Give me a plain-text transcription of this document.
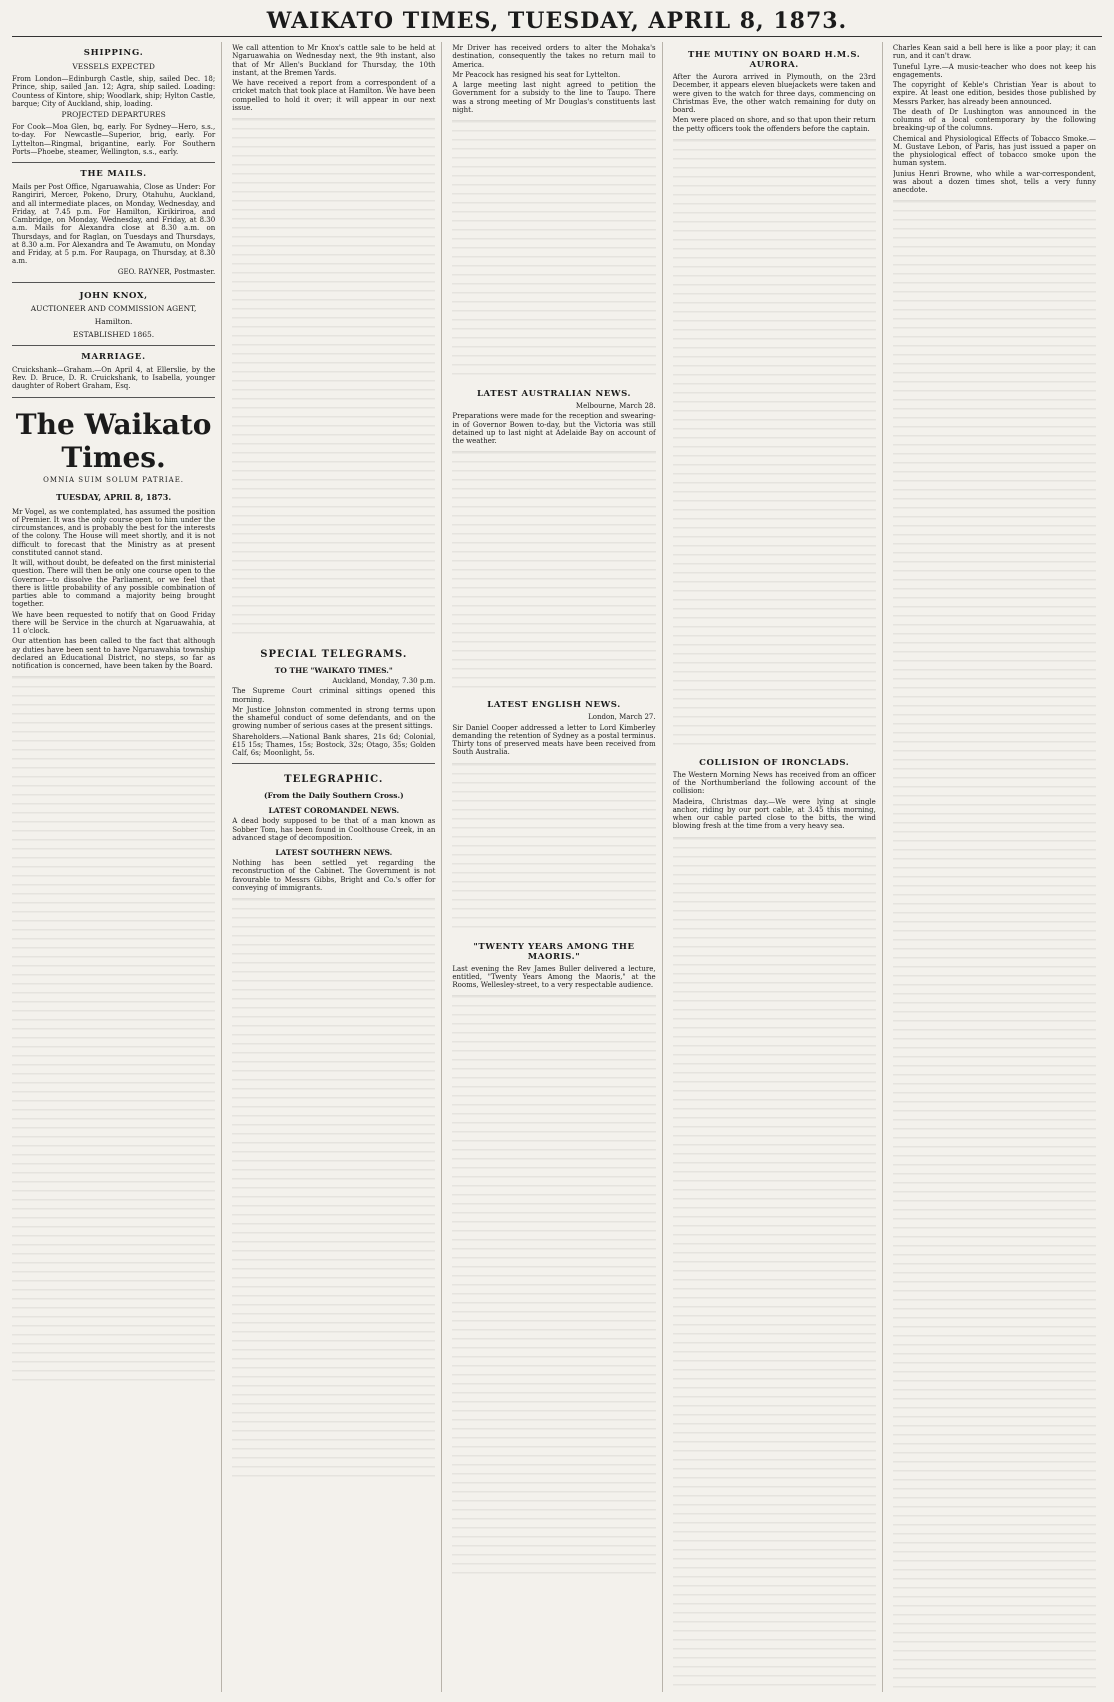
WAIKATO TIMES, TUESDAY, APRIL 8, 1873.
SHIPPING.
VESSELS EXPECTED
From London—Edinburgh Castle, ship, sailed Dec. 18; Prince, ship, sailed Jan. 12; Agra, ship sailed. Loading: Countess of Kintore, ship; Woodlark, ship; Hylton Castle, barque; City of Auckland, ship, loading.
PROJECTED DEPARTURES
For Cook—Moa Glen, bq, early. For Sydney—Hero, s.s., to-day. For Newcastle—Superior, brig, early. For Lyttelton—Ringmal, brigantine, early. For Southern Ports—Phoebe, steamer, Wellington, s.s., early.
THE MAILS.
Mails per Post Office, Ngaruawahia, Close as Under: For Rangiriri, Mercer, Pokeno, Drury, Otahuhu, Auckland, and all intermediate places, on Monday, Wednesday, and Friday, at 7.45 p.m. For Hamilton, Kirikiriroa, and Cambridge, on Monday, Wednesday, and Friday, at 8.30 a.m. Mails for Alexandra close at 8.30 a.m. on Thursdays, and for Raglan, on Tuesdays and Thursdays, at 8.30 a.m. For Alexandra and Te Awamutu, on Monday and Friday, at 5 p.m. For Raupaga, on Thursday, at 8.30 a.m.
GEO. RAYNER, Postmaster.
JOHN KNOX,
AUCTIONEER AND COMMISSION AGENT,
Hamilton.
ESTABLISHED 1865.
MARRIAGE.
Cruickshank—Graham.—On April 4, at Ellerslie, by the Rev. D. Bruce, D. R. Cruickshank, to Isabella, younger daughter of Robert Graham, Esq.
The Waikato Times.
OMNIA SUIM SOLUM PATRIAE.
TUESDAY, APRIL 8, 1873.
Mr Vogel, as we contemplated, has assumed the position of Premier. It was the only course open to him under the circumstances, and is probably the best for the interests of the colony. The House will meet shortly, and it is not difficult to forecast that the Ministry as at present constituted cannot stand.
It will, without doubt, be defeated on the first ministerial question. There will then be only one course open to the Governor—to dissolve the Parliament, or we feel that there is little probability of any possible combination of parties able to command a majority being brought together.
We have been requested to notify that on Good Friday there will be Service in the church at Ngaruawahia, at 11 o'clock.
Our attention has been called to the fact that although ay duties have been sent to have Ngaruawahia township declared an Educational District, no steps, so far as notification is concerned, have been taken by the Board.
We call attention to Mr Knox's cattle sale to be held at Ngaruawahia on Wednesday next, the 9th instant, also that of Mr Allen's Buckland for Thursday, the 10th instant, at the Bremen Yards.
We have received a report from a correspondent of a cricket match that took place at Hamilton. We have been compelled to hold it over; it will appear in our next issue.
SPECIAL TELEGRAMS.
TO THE "WAIKATO TIMES."
Auckland, Monday, 7.30 p.m.
The Supreme Court criminal sittings opened this morning.
Mr Justice Johnston commented in strong terms upon the shameful conduct of some defendants, and on the growing number of serious cases at the present sittings.
Shareholders.—National Bank shares, 21s 6d; Colonial, £15 15s; Thames, 15s; Bostock, 32s; Otago, 35s; Golden Calf, 6s; Moonlight, 5s.
TELEGRAPHIC.
(From the Daily Southern Cross.)
LATEST COROMANDEL NEWS.
A dead body supposed to be that of a man known as Sobber Tom, has been found in Coolthouse Creek, in an advanced stage of decomposition.
LATEST SOUTHERN NEWS.
Nothing has been settled yet regarding the reconstruction of the Cabinet. The Government is not favourable to Messrs Gibbs, Bright and Co.'s offer for conveying of immigrants.
Mr Driver has received orders to alter the Mohaka's destination, consequently the takes no return mail to America.
Mr Peacock has resigned his seat for Lyttelton.
A large meeting last night agreed to petition the Government for a subsidy to the line to Taupo. There was a strong meeting of Mr Douglas's constituents last night.
LATEST AUSTRALIAN NEWS.
Melbourne, March 28.
Preparations were made for the reception and swearing-in of Governor Bowen to-day, but the Victoria was still detained up to last night at Adelaide Bay on account of the weather.
LATEST ENGLISH NEWS.
London, March 27.
Sir Daniel Cooper addressed a letter to Lord Kimberley demanding the retention of Sydney as a postal terminus. Thirty tons of preserved meats have been received from South Australia.
"TWENTY YEARS AMONG THE MAORIS."
Last evening the Rev James Buller delivered a lecture, entitled, "Twenty Years Among the Maoris," at the Rooms, Wellesley-street, to a very respectable audience.
THE MUTINY ON BOARD H.M.S. AURORA.
After the Aurora arrived in Plymouth, on the 23rd December, it appears eleven bluejackets were taken and were given to the watch for three days, commencing on Christmas Eve, the other watch remaining for duty on board.
Men were placed on shore, and so that upon their return the petty officers took the offenders before the captain.
COLLISION OF IRONCLADS.
The Western Morning News has received from an officer of the Northumberland the following account of the collision:
Madeira, Christmas day.—We were lying at single anchor, riding by our port cable, at 3.45 this morning, when our cable parted close to the bitts, the wind blowing fresh at the time from a very heavy sea.
Charles Kean said a bell here is like a poor play; it can run, and it can't draw.
Tuneful Lyre.—A music-teacher who does not keep his engagements.
The copyright of Keble's Christian Year is about to expire. At least one edition, besides those published by Messrs Parker, has already been announced.
The death of Dr Lushington was announced in the columns of a local contemporary by the following breaking-up of the columns.
Chemical and Physiological Effects of Tobacco Smoke.—M. Gustave Lebon, of Paris, has just issued a paper on the physiological effect of tobacco smoke upon the human system.
Junius Henri Browne, who while a war-correspondent, was about a dozen times shot, tells a very funny anecdote.
